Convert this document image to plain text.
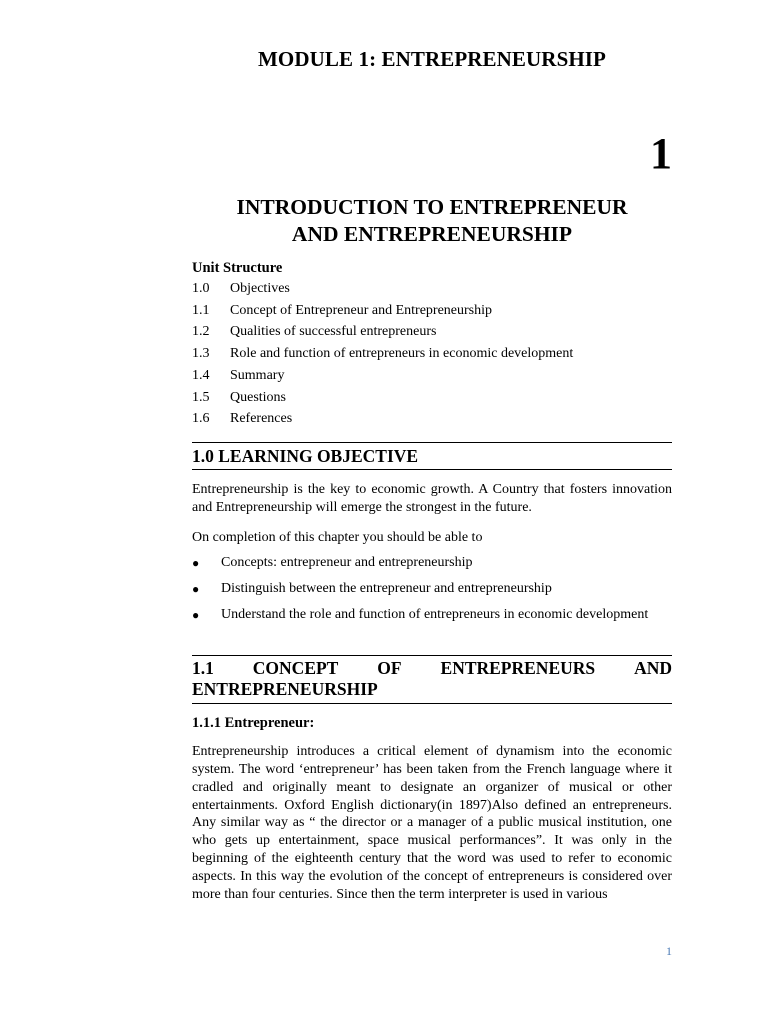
MODULE 1: ENTREPRENEURSHIP
1
INTRODUCTION TO ENTREPRENEUR
AND ENTREPRENEURSHIP
Unit Structure
1.0	Objectives
1.1	Concept of Entrepreneur and Entrepreneurship
1.2	Qualities of successful entrepreneurs
1.3	Role and function of entrepreneurs in economic development
1.4	Summary
1.5	Questions
1.6	References
1.0 LEARNING OBJECTIVE
Entrepreneurship is the key to economic growth. A Country that fosters innovation and Entrepreneurship will emerge the strongest in the future.
On completion of this chapter you should be able to
●	Concepts: entrepreneur and entrepreneurship
●	Distinguish between the entrepreneur and entrepreneurship
●	Understand the role and function of entrepreneurs in economic development
1.1 CONCEPT OF ENTREPRENEURS AND
ENTREPRENEURSHIP
1.1.1 Entrepreneur:
Entrepreneurship introduces a critical element of dynamism into the economic system. The word ‘entrepreneur’ has been taken from the French language where it cradled and originally meant to designate an organizer of musical or other entertainments. Oxford English dictionary(in 1897)Also defined an entrepreneurs. Any similar way as “ the director or a manager of a public musical institution, one who gets up entertainment, space musical performances”. It was only in the beginning of the eighteenth century that the word was used to refer to economic aspects. In this way the evolution of the concept of entrepreneurs is considered over more than four centuries. Since then the term interpreter is used in various
1
